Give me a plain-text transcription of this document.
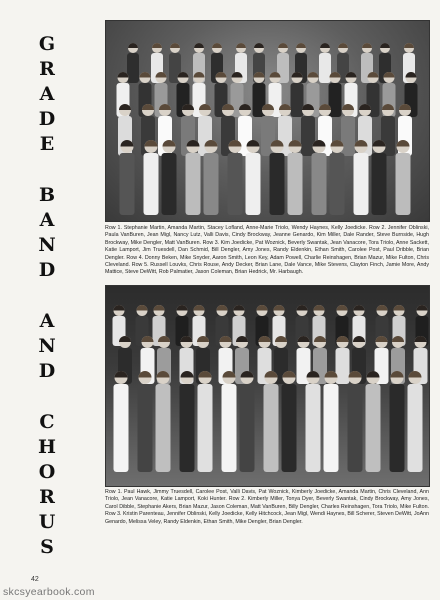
G
R
A
D
E
B
A
N
D
A
N
D
C
H
O
R
U
S

Row 1. Stephanie Martin, Amanda Martin, Stacey Lofland, Anne-Marie Triolo, Wendy Haynes, Kelly Joedicke. Row 2. Jennifer Oblinski, Paula VanBuren, Jean Migl, Nancy Lutz, Valli Davis, Cindy Brockway, Jeanne Genardo, Kim Miller, Dale Rander, Steve Burnside, Hugh Brockway, Mike Dengler, Matt VanBuren. Row 3. Kim Joedicke, Pat Woznick, Beverly Swantak, Jean Vanacore, Tora Triolo, Anne Sackett, Katie Lamport, Jim Truesdell, Dan Schmid, Bill Dengler, Amy Jones, Randy Eldenkin, Ethan Smith, Carolee Post, Paul Dribble, Brian Dengler. Row 4. Donny Beken, Mike Snyder, Aaron Smith, Leon Key, Adam Powell, Charlie Reinshagen, Brian Mazur, Mike Fulton, Chris Cleveland. Row 5. Russell Louvks, Chris Rouse, Andy Decker, Brian Lane, Dale Vance, Mike Stevens, Clayton Finch, Jamie More, Andy Mattice, Steve DeWitt, Rob Palmatier, Jason Coleman, Brian Hedrick, Mr. Harbaugh.

Row 1. Paul Hawk, Jimmy Truesdell, Carolee Post, Valli Davis, Pat Woznick, Kimberly Joedicke, Amanda Martin, Chris Cleveland, Ann Triolo, Jean Vanacore, Katie Lamport, Koki Hunter. Row 2. Kimberly Miller, Tonya Dyer, Beverly Swantak, Cindy Brockway, Amy Jones, Carol Dibble, Stephanie Akers, Brian Mazur, Jason Coleman, Matt VanBuren, Billy Dengler, Charles Reinshagen, Tora Triolo, Mike Fulton. Row 3. Kristin Parenteau, Jennifer Oblinski, Kelly Joedicke, Kelly Hitchcock, Jean Migl, Wendi Haynes, Bill Scherer, Steven DeWitt, JoAnn Genardo, Melissa Veley, Randy Eldenkin, Ethan Smith, Mike Dengler, Brian Dengler.

42
skcsyearbook.com
